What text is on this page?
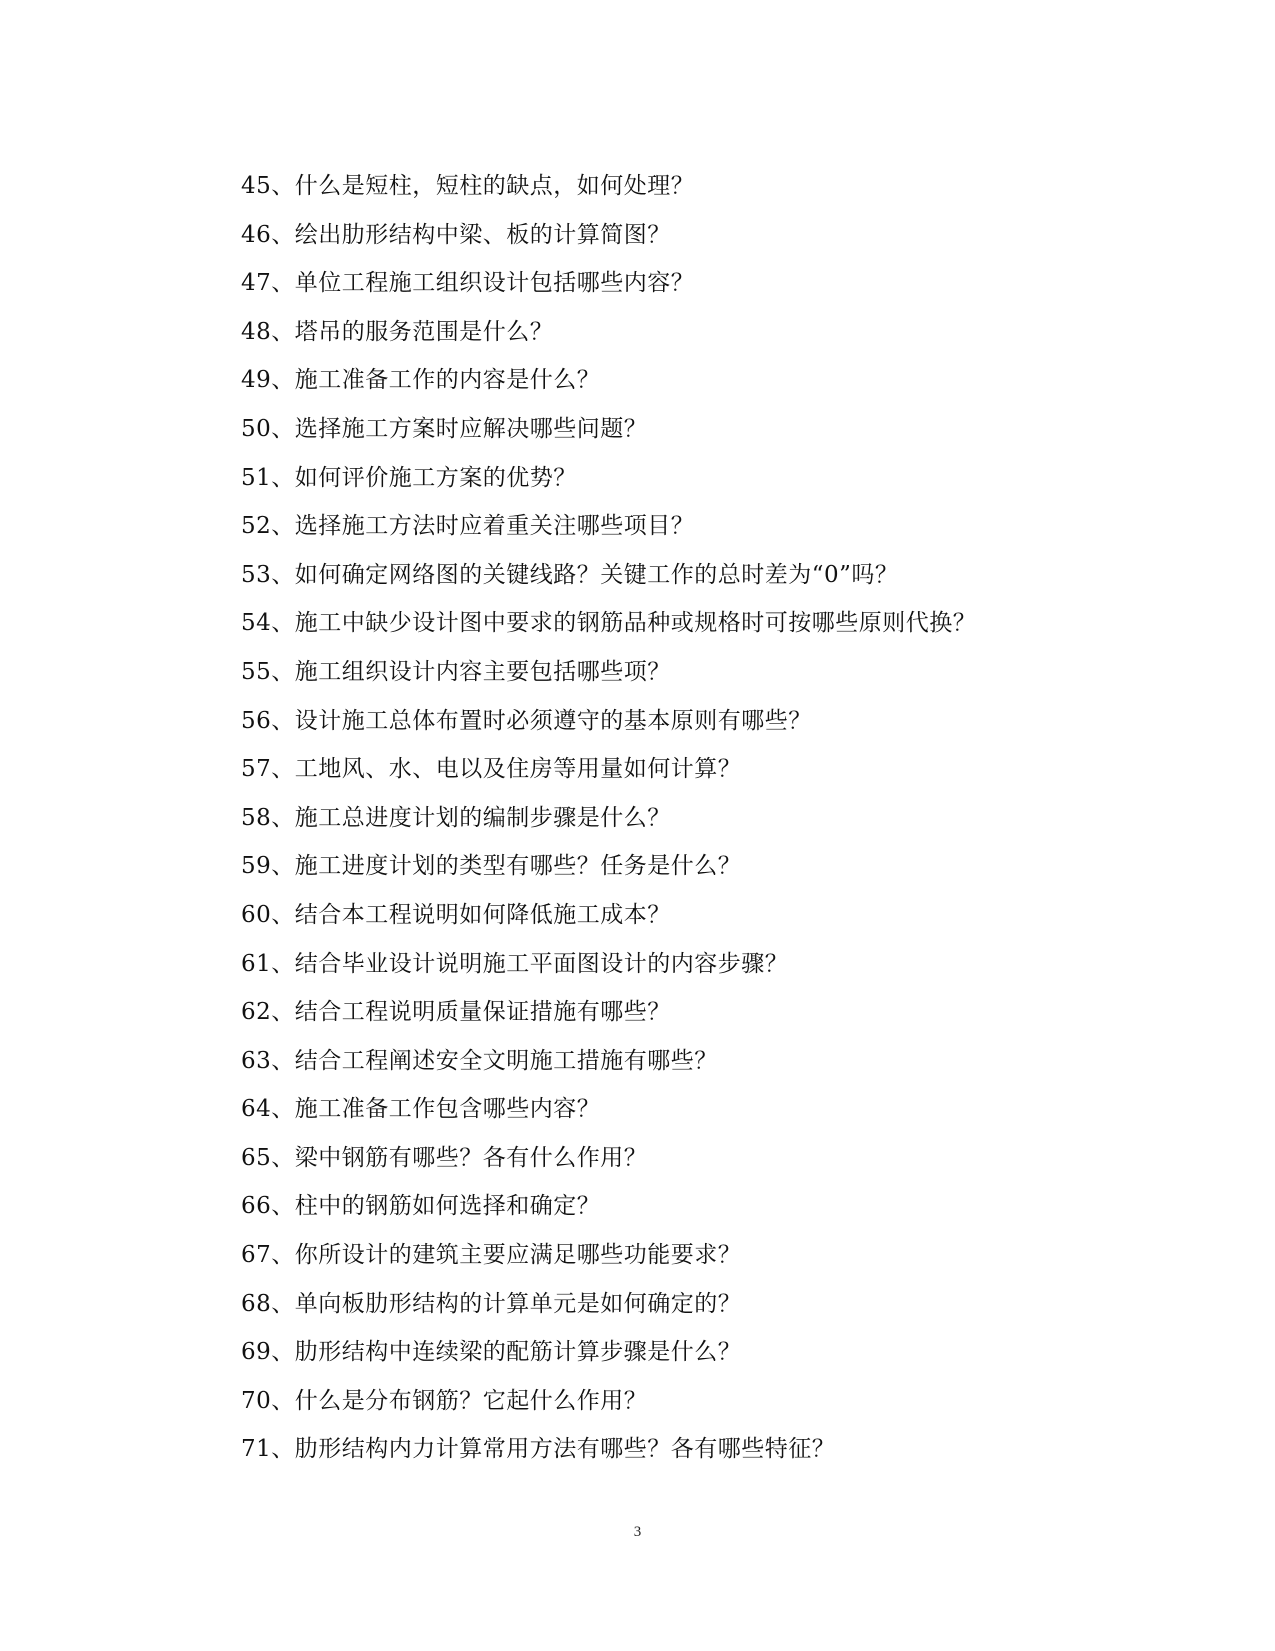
45、什么是短柱，短柱的缺点，如何处理？
46、绘出肋形结构中梁、板的计算简图？
47、单位工程施工组织设计包括哪些内容？
48、塔吊的服务范围是什么？
49、施工准备工作的内容是什么？
50、选择施工方案时应解决哪些问题？
51、如何评价施工方案的优势？
52、选择施工方法时应着重关注哪些项目？
53、如何确定网络图的关键线路？关键工作的总时差为“0”吗？
54、施工中缺少设计图中要求的钢筋品种或规格时可按哪些原则代换？
55、施工组织设计内容主要包括哪些项？
56、设计施工总体布置时必须遵守的基本原则有哪些？
57、工地风、水、电以及住房等用量如何计算？
58、施工总进度计划的编制步骤是什么？
59、施工进度计划的类型有哪些？任务是什么？
60、结合本工程说明如何降低施工成本？
61、结合毕业设计说明施工平面图设计的内容步骤？
62、结合工程说明质量保证措施有哪些？
63、结合工程阐述安全文明施工措施有哪些？
64、施工准备工作包含哪些内容？
65、梁中钢筋有哪些？各有什么作用？
66、柱中的钢筋如何选择和确定？
67、你所设计的建筑主要应满足哪些功能要求？
68、单向板肋形结构的计算单元是如何确定的？
69、肋形结构中连续梁的配筋计算步骤是什么？
70、什么是分布钢筋？它起什么作用？
71、肋形结构内力计算常用方法有哪些？各有哪些特征？
3
